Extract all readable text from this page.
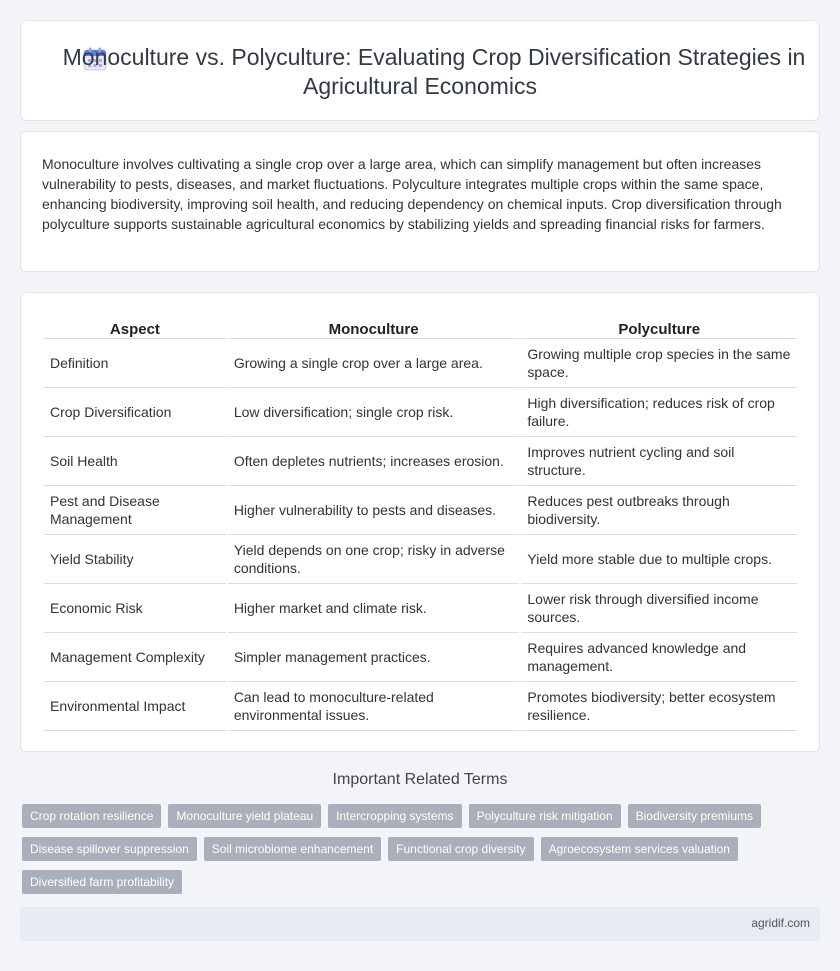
Monoculture vs. Polyculture: Evaluating Crop Diversification Strategies in Agricultural Economics

Monoculture involves cultivating a single crop over a large area, which can simplify management but often increases vulnerability to pests, diseases, and market fluctuations. Polyculture integrates multiple crops within the same space, enhancing biodiversity, improving soil health, and reducing dependency on chemical inputs. Crop diversification through polyculture supports sustainable agricultural economics by stabilizing yields and spreading financial risks for farmers.

Aspect	Monoculture	Polyculture
Definition	Growing a single crop over a large area.	Growing multiple crop species in the same space.
Crop Diversification	Low diversification; single crop risk.	High diversification; reduces risk of crop failure.
Soil Health	Often depletes nutrients; increases erosion.	Improves nutrient cycling and soil structure.
Pest and Disease Management	Higher vulnerability to pests and diseases.	Reduces pest outbreaks through biodiversity.
Yield Stability	Yield depends on one crop; risky in adverse conditions.	Yield more stable due to multiple crops.
Economic Risk	Higher market and climate risk.	Lower risk through diversified income sources.
Management Complexity	Simpler management practices.	Requires advanced knowledge and management.
Environmental Impact	Can lead to monoculture-related environmental issues.	Promotes biodiversity; better ecosystem resilience.
Important Related Terms
Crop rotation resilience	Monoculture yield plateau	Intercropping systems	Polyculture risk mitigation	Biodiversity premiums
Disease spillover suppression	Soil microbiome enhancement	Functional crop diversity	Agroecosystem services valuation
Diversified farm profitability
agridif.com
